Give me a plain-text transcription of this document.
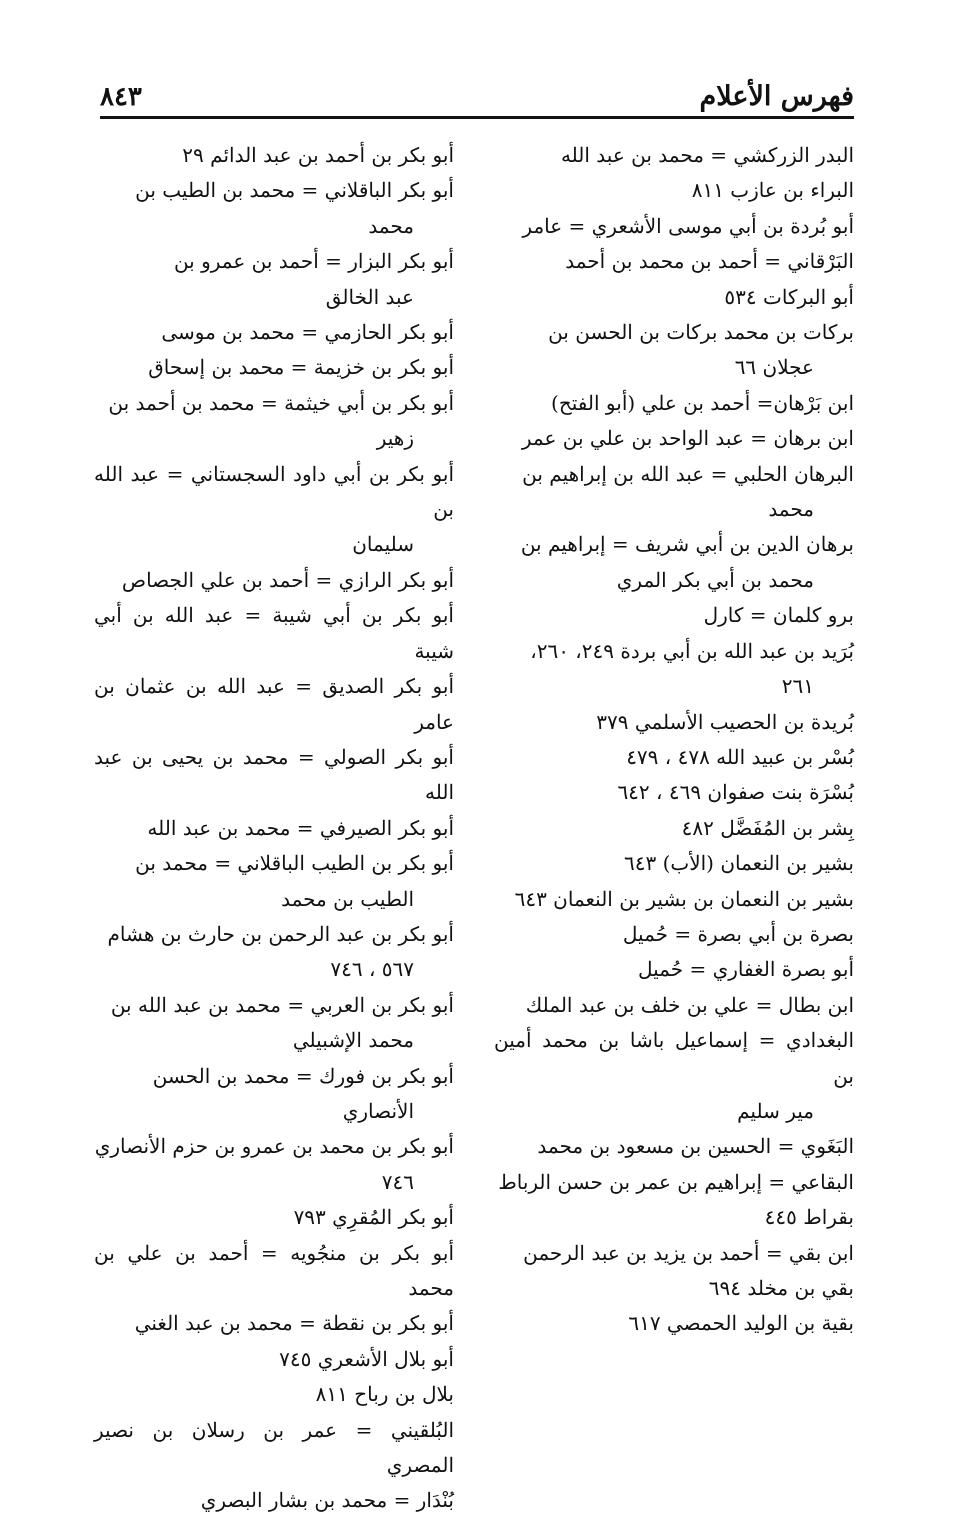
فهرس الأعلام
٨٤٣
البدر الزركشي = محمد بن عبد الله
البراء بن عازب ٨١١
أبو بُردة بن أبي موسى الأشعري = عامر
البَرْقاني = أحمد بن محمد بن أحمد
أبو البركات ٥٣٤
بركات بن محمد بركات بن الحسن بن
عجلان ٦٦
ابن بَرْهان= أحمد بن علي (أبو الفتح)
ابن برهان = عبد الواحد بن علي بن عمر
البرهان الحلبي = عبد الله بن إبراهيم بن
محمد
برهان الدين بن أبي شريف = إبراهيم بن
محمد بن أبي بكر المري
برو كلمان = كارل
بُرَيد بن عبد الله بن أبي بردة ٢٤٩، ٢٦٠،
٢٦١
بُريدة بن الحصيب الأسلمي ٣٧٩
بُسْر بن عبيد الله ٤٧٨ ، ٤٧٩
بُسْرَة بنت صفوان ٤٦٩ ، ٦٤٢
بِشر بن المُفَضَّل ٤٨٢
بشير بن النعمان (الأب) ٦٤٣
بشير بن النعمان بن بشير بن النعمان ٦٤٣
بصرة بن أبي بصرة = حُميل
أبو بصرة الغفاري = حُميل
ابن بطال = علي بن خلف بن عبد الملك
البغدادي = إسماعيل باشا بن محمد أمين بن
مير سليم
البَغَوي = الحسين بن مسعود بن محمد
البقاعي = إبراهيم بن عمر بن حسن الرباط
بقراط ٤٤٥
ابن بقي = أحمد بن يزيد بن عبد الرحمن
بقي بن مخلد ٦٩٤
بقية بن الوليد الحمصي ٦١٧
أبو بكر بن أحمد بن عبد الدائم ٢٩
أبو بكر الباقلاني = محمد بن الطيب بن
محمد
أبو بكر البزار = أحمد بن عمرو بن
عبد الخالق
أبو بكر الحازمي = محمد بن موسى
أبو بكر بن خزيمة = محمد بن إسحاق
أبو بكر بن أبي خيثمة = محمد بن أحمد بن
زهير
أبو بكر بن أبي داود السجستاني = عبد الله بن
سليمان
أبو بكر الرازي = أحمد بن علي الجصاص
أبو بكر بن أبي شيبة = عبد الله بن أبي شيبة
أبو بكر الصديق = عبد الله بن عثمان بن عامر
أبو بكر الصولي = محمد بن يحيى بن عبد الله
أبو بكر الصيرفي = محمد بن عبد الله
أبو بكر بن الطيب الباقلاني = محمد بن
الطيب بن محمد
أبو بكر بن عبد الرحمن بن حارث بن هشام
٥٦٧ ، ٧٤٦
أبو بكر بن العربي = محمد بن عبد الله بن
محمد الإشبيلي
أبو بكر بن فورك = محمد بن الحسن
الأنصاري
أبو بكر بن محمد بن عمرو بن حزم الأنصاري
٧٤٦
أبو بكر المُقرِي ٧٩٣
أبو بكر بن منجُويه = أحمد بن علي بن محمد
أبو بكر بن نقطة = محمد بن عبد الغني
أبو بلال الأشعري ٧٤٥
بلال بن رباح ٨١١
البُلقيني = عمر بن رسلان بن نصير المصري
بُنْدَار = محمد بن بشار البصري
